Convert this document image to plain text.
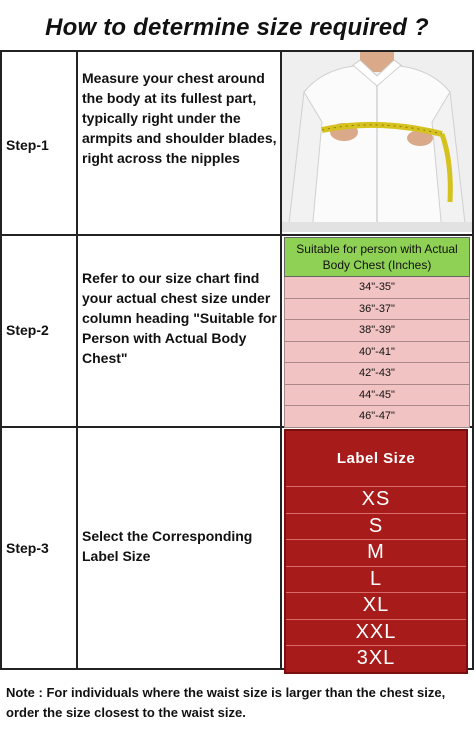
How to determine size required ?
Step-1
Measure your chest around the body at its fullest part, typically right under the armpits and shoulder blades, right across the nipples
Step-2
Refer to our size chart find your actual chest size under column heading "Suitable for Person with Actual Body Chest"
Suitable for person with Actual Body Chest (Inches)
34"-35"
36"-37"
38"-39"
40"-41"
42"-43"
44"-45"
46"-47"
Step-3
Select the Corresponding Label Size
Label Size
XS
S
M
L
XL
XXL
3XL
Note : For individuals where the waist size is larger than the chest size, order the size closest to the waist size.
